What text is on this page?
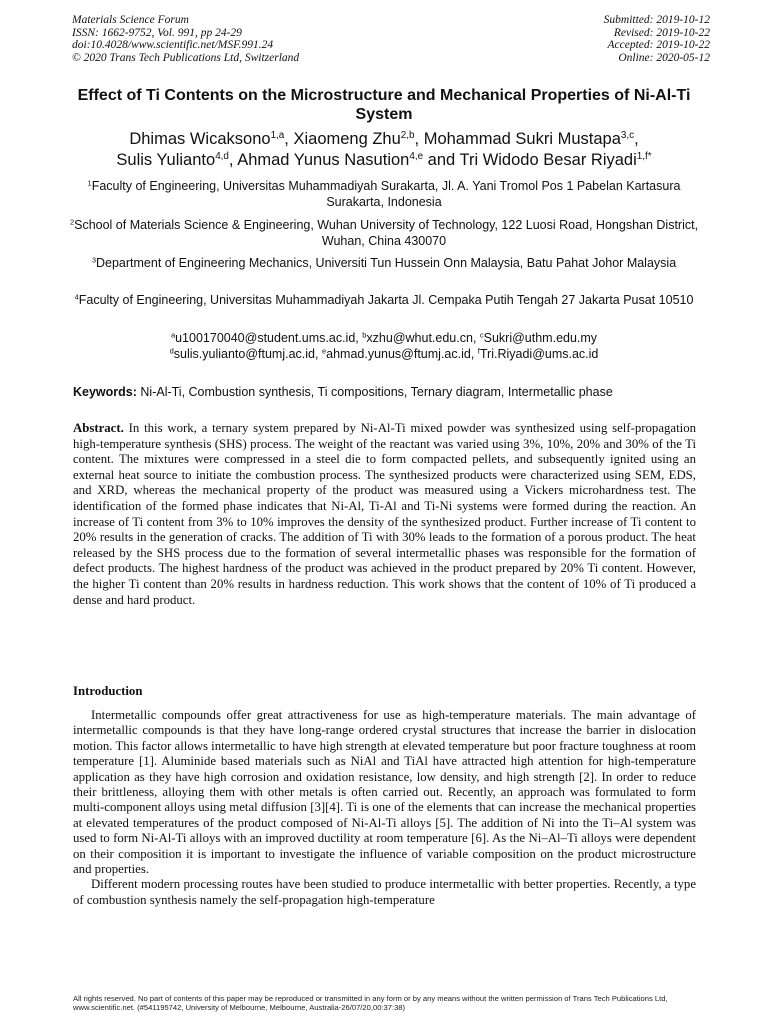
Materials Science Forum
ISSN: 1662-9752, Vol. 991, pp 24-29
doi:10.4028/www.scientific.net/MSF.991.24
© 2020 Trans Tech Publications Ltd, Switzerland
Submitted: 2019-10-12
Revised: 2019-10-22
Accepted: 2019-10-22
Online: 2020-05-12
Effect of Ti Contents on the Microstructure and Mechanical Properties of Ni-Al-Ti System
Dhimas Wicaksono$^{1,a}$, Xiaomeng Zhu$^{2,b}$, Mohammad Sukri Mustapa$^{3,c}$,
Sulis Yulianto$^{4,d}$, Ahmad Yunus Nasution$^{4,e}$ and Tri Widodo Besar Riyadi$^{1,f*}$
$^1$Faculty of Engineering, Universitas Muhammadiyah Surakarta, Jl. A. Yani Tromol Pos 1 Pabelan Kartasura Surakarta, Indonesia
$^2$School of Materials Science & Engineering, Wuhan University of Technology, 122 Luosi Road, Hongshan District, Wuhan, China 430070
$^3$Department of Engineering Mechanics, Universiti Tun Hussein Onn Malaysia, Batu Pahat Johor Malaysia
$^4$Faculty of Engineering, Universitas Muhammadiyah Jakarta Jl. Cempaka Putih Tengah 27 Jakarta Pusat 10510
$^a$u100170040@student.ums.ac.id, $^b$xzhu@whut.edu.cn, $^c$Sukri@uthm.edu.my
$^d$sulis.yulianto@ftumj.ac.id, $^e$ahmad.yunus@ftumj.ac.id, $^f$Tri.Riyadi@ums.ac.id
Keywords: Ni-Al-Ti, Combustion synthesis, Ti compositions, Ternary diagram, Intermetallic phase
Abstract. In this work, a ternary system prepared by Ni-Al-Ti mixed powder was synthesized using self-propagation high-temperature synthesis (SHS) process. The weight of the reactant was varied using 3%, 10%, 20% and 30% of the Ti content. The mixtures were compressed in a steel die to form compacted pellets, and subsequently ignited using an external heat source to initiate the combustion process. The synthesized products were characterized using SEM, EDS, and XRD, whereas the mechanical property of the product was measured using a Vickers microhardness test. The identification of the formed phase indicates that Ni-Al, Ti-Al and Ti-Ni systems were formed during the reaction. An increase of Ti content from 3% to 10% improves the density of the synthesized product. Further increase of Ti content to 20% results in the generation of cracks. The addition of Ti with 30% leads to the formation of a porous product. The heat released by the SHS process due to the formation of several intermetallic phases was responsible for the formation of defect products. The highest hardness of the product was achieved in the product prepared by 20% Ti content. However, the higher Ti content than 20% results in hardness reduction. This work shows that the content of 10% of Ti produced a dense and hard product.
Introduction

Intermetallic compounds offer great attractiveness for use as high-temperature materials. The main advantage of intermetallic compounds is that they have long-range ordered crystal structures that increase the barrier in dislocation motion. This factor allows intermetallic to have high strength at elevated temperature but poor fracture toughness at room temperature [1]. Aluminide based materials such as NiAl and TiAl have attracted high attention for high-temperature application as they have high corrosion and oxidation resistance, low density, and high strength [2]. In order to reduce their brittleness, alloying them with other metals is often carried out. Recently, an approach was formulated to form multi-component alloys using metal diffusion [3][4]. Ti is one of the elements that can increase the mechanical properties at elevated temperatures of the product composed of Ni-Al-Ti alloys [5]. The addition of Ni into the Ti–Al system was used to form Ni-Al-Ti alloys with an improved ductility at room temperature [6]. As the Ni–Al–Ti alloys were dependent on their composition it is important to investigate the influence of variable composition on the product microstructure and properties.

Different modern processing routes have been studied to produce intermetallic with better properties. Recently, a type of combustion synthesis namely the self-propagation high-temperature

All rights reserved. No part of contents of this paper may be reproduced or transmitted in any form or by any means without the written permission of Trans Tech Publications Ltd, www.scientific.net. (#541195742, University of Melbourne, Melbourne, Australia-26/07/20,00:37:38)
